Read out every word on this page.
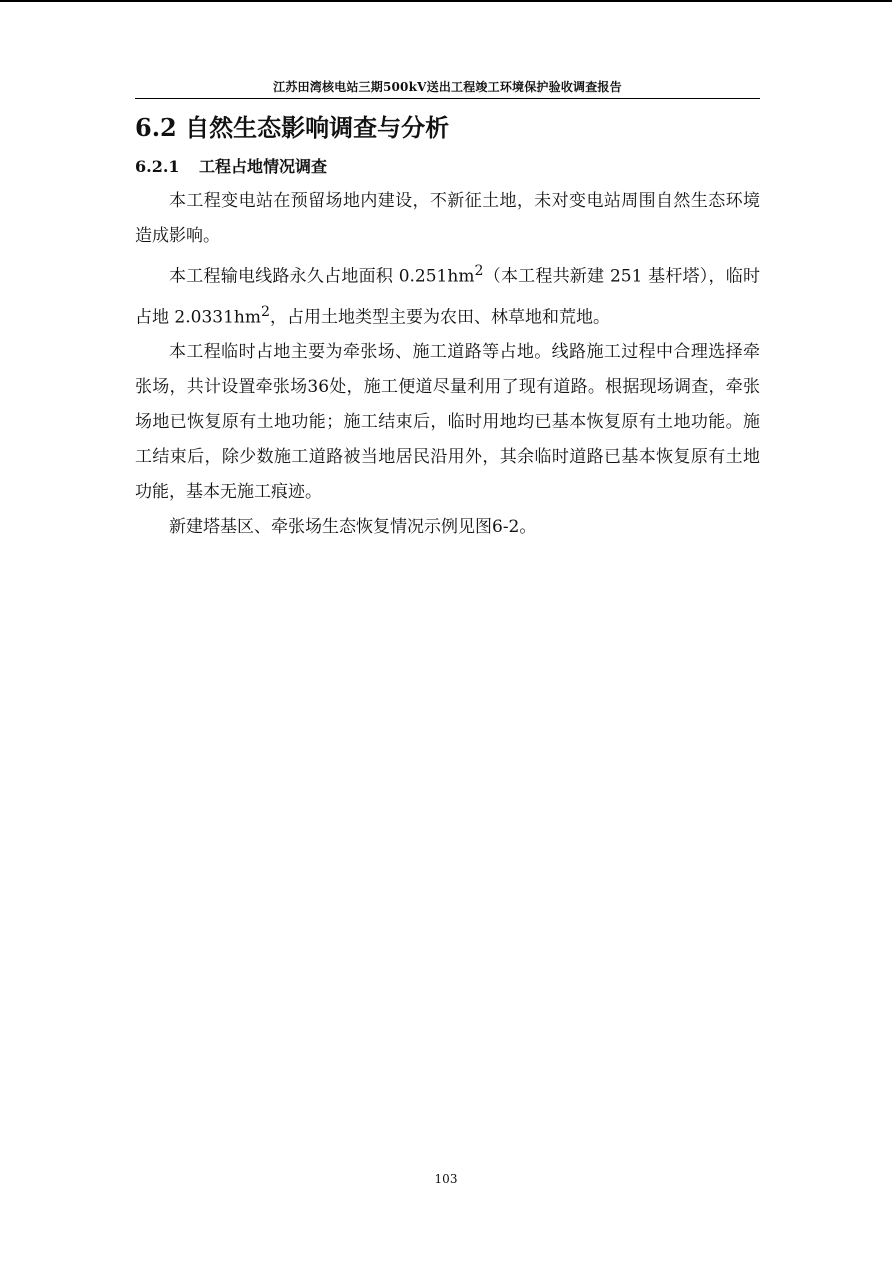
江苏田湾核电站三期500kV送出工程竣工环境保护验收调查报告
6.2 自然生态影响调查与分析
6.2.1 工程占地情况调查

本工程变电站在预留场地内建设，不新征土地，未对变电站周围自然生态环境造成影响。

本工程输电线路永久占地面积 $0.251hm^2$（本工程共新建 251 基杆塔），临时占地 $2.0331hm^2$，占用土地类型主要为农田、林草地和荒地。

本工程临时占地主要为牵张场、施工道路等占地。线路施工过程中合理选择牵张场，共计设置牵张场36处，施工便道尽量利用了现有道路。根据现场调查，牵张场地已恢复原有土地功能；施工结束后，临时用地均已基本恢复原有土地功能。施工结束后，除少数施工道路被当地居民沿用外，其余临时道路已基本恢复原有土地功能，基本无施工痕迹。

新建塔基区、牵张场生态恢复情况示例见图6-2。

103
